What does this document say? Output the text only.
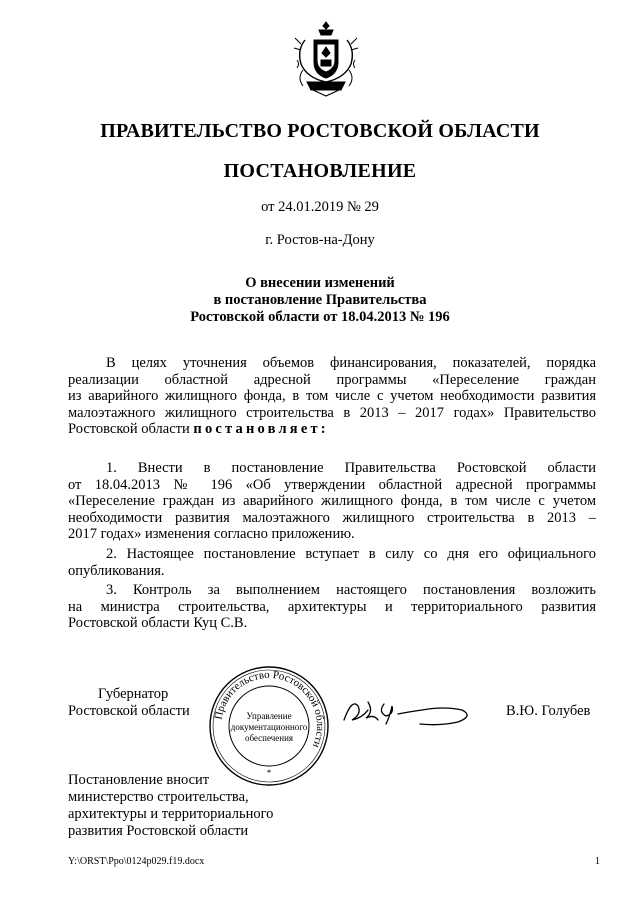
ПРАВИТЕЛЬСТВО РОСТОВСКОЙ ОБЛАСТИ
ПОСТАНОВЛЕНИЕ
от 24.01.2019 № 29
г. Ростов-на-Дону
О внесении изменений
в постановление Правительства
Ростовской области от 18.04.2013 № 196
В целях уточнения объемов финансирования, показателей, порядка
реализации областной адресной программы «Переселение граждан
из аварийного жилищного фонда, в том числе с учетом необходимости развития
малоэтажного жилищного строительства в 2013 – 2017 годах» Правительство
Ростовской области постановляет:
1. Внести в постановление Правительства Ростовской области
от 18.04.2013 № 196 «Об утверждении областной адресной программы
«Переселение граждан из аварийного жилищного фонда, в том числе с учетом
необходимости развития малоэтажного жилищного строительства в 2013 –
2017 годах» изменения согласно приложению.
2. Настоящее постановление вступает в силу со дня его официального
опубликования.
3. Контроль за выполнением настоящего постановления возложить
на министра строительства, архитектуры и территориального развития
Ростовской области Куц С.В.
Губернатор
Ростовской области Правительство Ростовской области
Управление
документационного
обеспечения
*
В.Ю. Голубев
Постановление вносит
министерство строительства,
архитектуры и территориального
развития Ростовской области
Y:\ORST\Ppo\0124p029.f19.docx	1
